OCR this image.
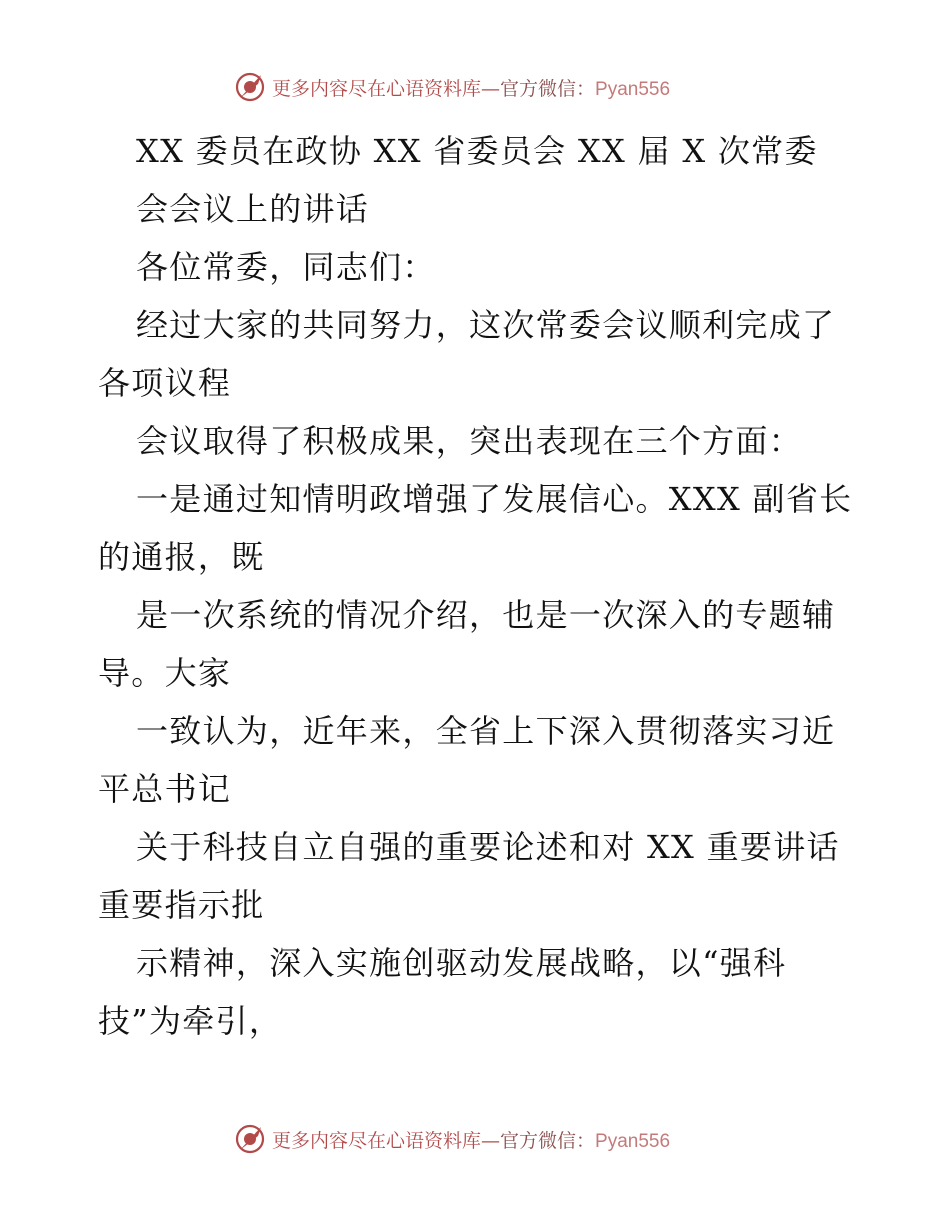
更多内容尽在心语资料库—官方微信：Pyan556
XX 委员在政协 XX 省委员会 XX 届 X 次常委
会会议上的讲话
各位常委，同志们：
经过大家的共同努力，这次常委会议顺利完成了
各项议程
会议取得了积极成果，突出表现在三个方面：
一是通过知情明政增强了发展信心。XXX 副省长
的通报，既
是一次系统的情况介绍，也是一次深入的专题辅
导。大家
一致认为，近年来，全省上下深入贯彻落实习近
平总书记
关于科技自立自强的重要论述和对 XX 重要讲话
重要指示批
示精神，深入实施创驱动发展战略，以“强科
技”为牵引，
更多内容尽在心语资料库—官方微信：Pyan556
